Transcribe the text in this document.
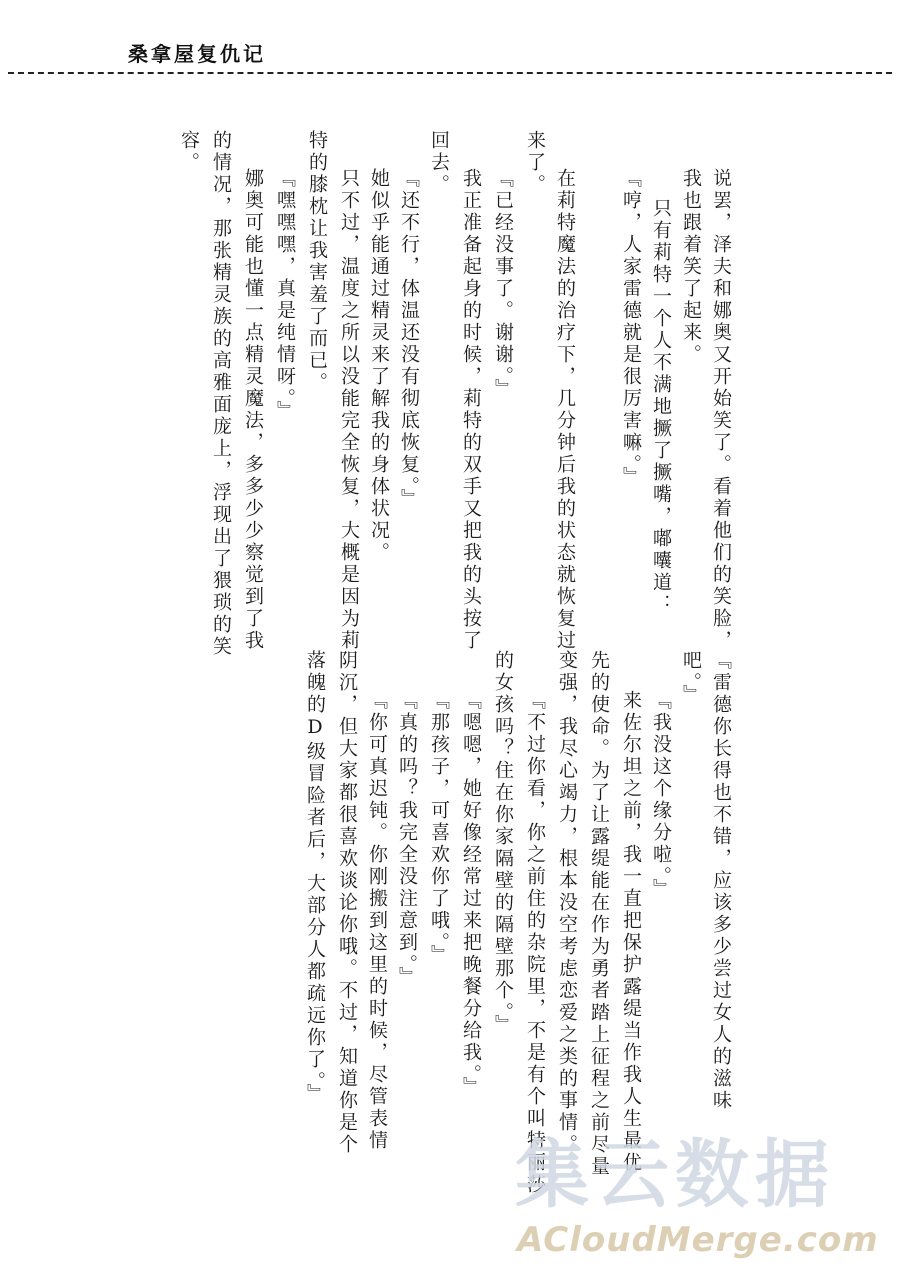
桑拿屋复仇记
说罢，泽夫和娜奥又开始笑了。看着他们的笑脸，
我也跟着笑了起来。
只有莉特一个人不满地撅了撅嘴，嘟囔道：
『哼，人家雷德就是很厉害嘛。』
在莉特魔法的治疗下，几分钟后我的状态就恢复过
来了。
『已经没事了。谢谢。』
我正准备起身的时候，莉特的双手又把我的头按了
回去。
『还不行，体温还没有彻底恢复。』
她似乎能通过精灵来了解我的身体状况。
只不过，温度之所以没能完全恢复，大概是因为莉
特的膝枕让我害羞了而已。
『嘿嘿嘿，真是纯情呀。』
娜奥可能也懂一点精灵魔法，多多少少察觉到了我
的情况，那张精灵族的高雅面庞上，浮现出了猥琐的笑
容。
『雷德你长得也不错，应该多少尝过女人的滋味
吧。』
『我没这个缘分啦。』
来佐尔坦之前，我一直把保护露缇当作我人生最优
先的使命。为了让露缇能在作为勇者踏上征程之前尽量
变强，我尽心竭力，根本没空考虑恋爱之类的事情。
『不过你看，你之前住的杂院里，不是有个叫特丽莎
的女孩吗？住在你家隔壁的隔壁那个。』
『嗯嗯，她好像经常过来把晚餐分给我。』
『那孩子，可喜欢你了哦。』
『真的吗？我完全没注意到。』
『你可真迟钝。你刚搬到这里的时候，尽管表情
阴沉，但大家都很喜欢谈论你哦。不过，知道你是个
落魄的D级冒险者后，大部分人都疏远你了。』
集云数据
ACloudMerge.com
